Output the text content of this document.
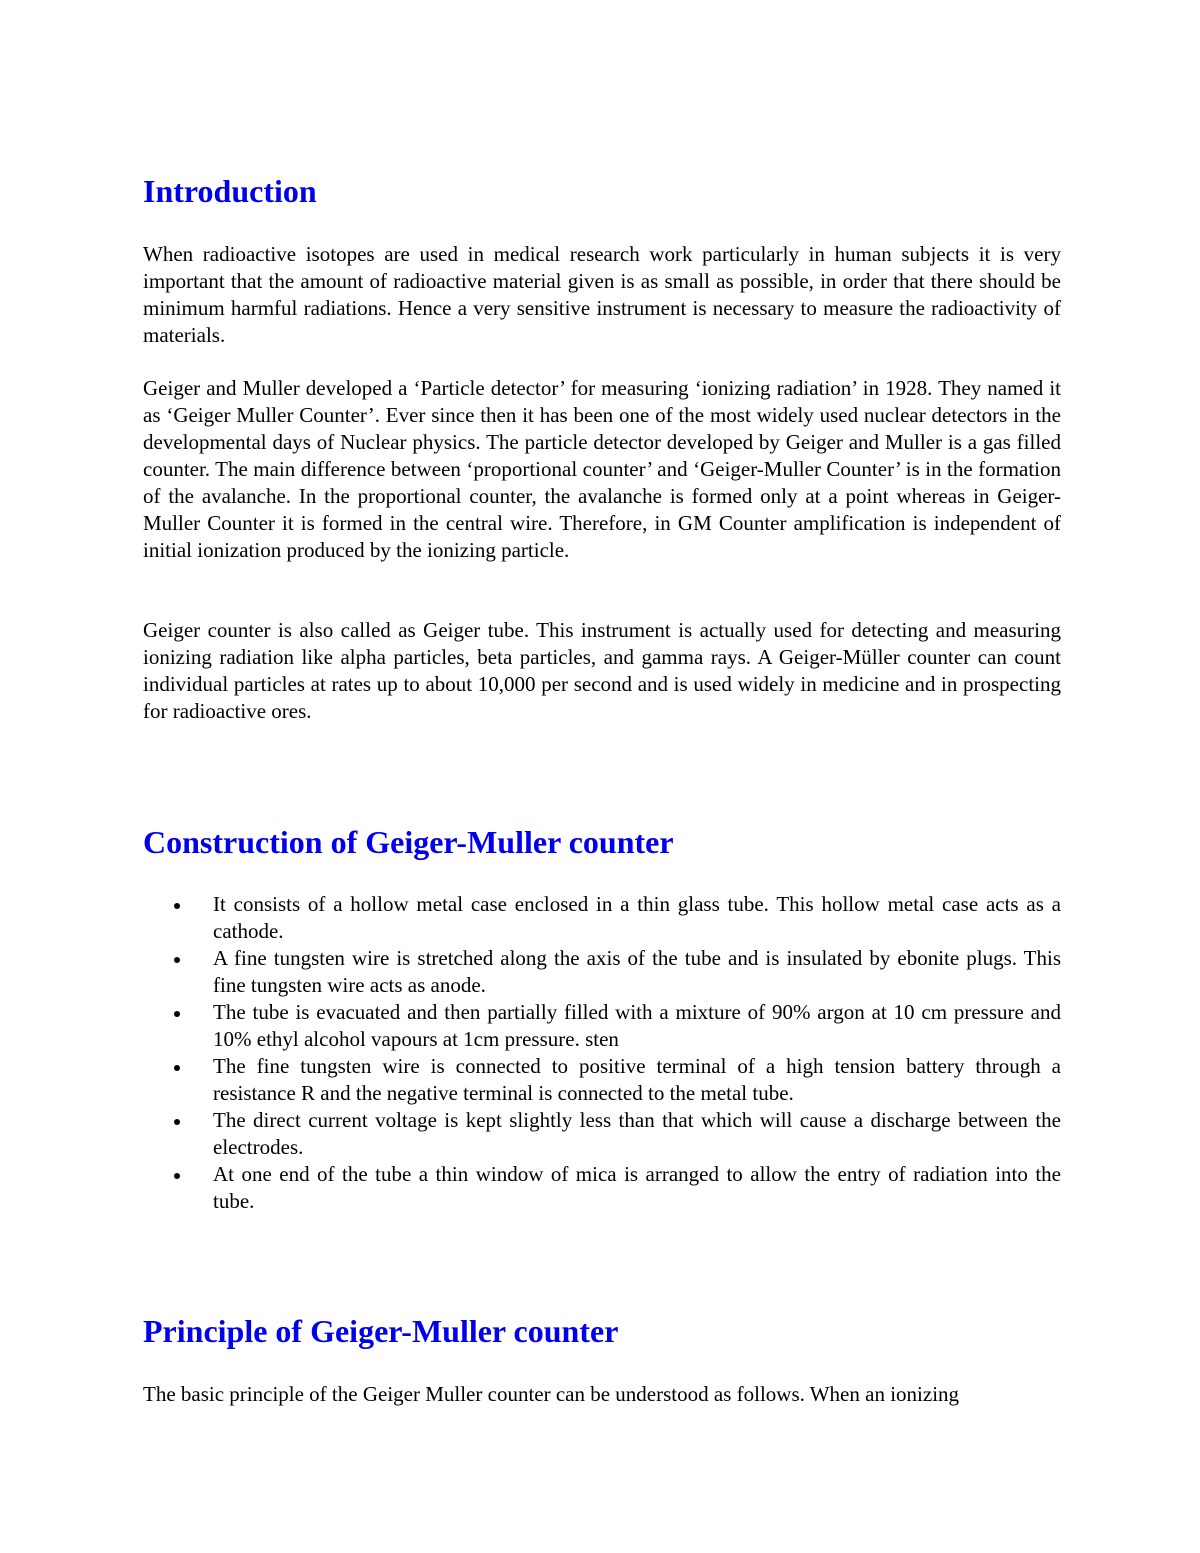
Introduction

When radioactive isotopes are used in medical research work particularly in human subjects it is very important that the amount of radioactive material given is as small as possible, in order that there should be minimum harmful radiations. Hence a very sensitive instrument is necessary to measure the radioactivity of materials.

Geiger and Muller developed a ‘Particle detector’ for measuring ‘ionizing radiation’ in 1928. They named it as ‘Geiger Muller Counter’. Ever since then it has been one of the most widely used nuclear detectors in the developmental days of Nuclear physics. The particle detector developed by Geiger and Muller is a gas filled counter. The main difference between ‘proportional counter’ and ‘Geiger-Muller Counter’ is in the formation of the avalanche. In the proportional counter, the avalanche is formed only at a point whereas in Geiger-Muller Counter it is formed in the central wire. Therefore, in GM Counter amplification is independent of initial ionization produced by the ionizing particle.

Geiger counter is also called as Geiger tube. This instrument is actually used for detecting and measuring ionizing radiation like alpha particles, beta particles, and gamma rays. A Geiger-Müller counter can count individual particles at rates up to about 10,000 per second and is used widely in medicine and in prospecting for radioactive ores.

Construction of Geiger-Muller counter
It consists of a hollow metal case enclosed in a thin glass tube. This hollow metal case acts as a cathode.
A fine tungsten wire is stretched along the axis of the tube and is insulated by ebonite plugs. This fine tungsten wire acts as anode.
The tube is evacuated and then partially filled with a mixture of 90% argon at 10 cm pressure and 10% ethyl alcohol vapours at 1cm pressure. sten
The fine tungsten wire is connected to positive terminal of a high tension battery through a resistance R and the negative terminal is connected to the metal tube.
The direct current voltage is kept slightly less than that which will cause a discharge between the electrodes.
At one end of the tube a thin window of mica is arranged to allow the entry of radiation into the tube.
Principle of Geiger-Muller counter

The basic principle of the Geiger Muller counter can be understood as follows. When an ionizing
